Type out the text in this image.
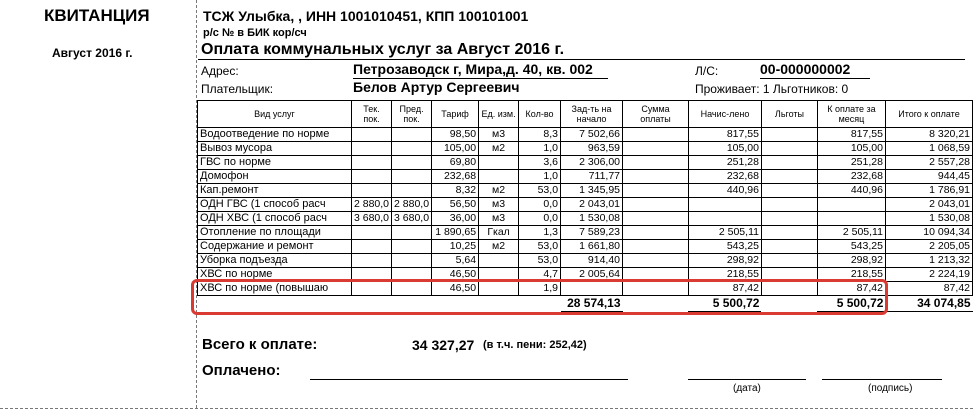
КВИТАНЦИЯ
Август 2016 г.
ТСЖ Улыбка, , ИНН 1001010451, КПП 100101001
р/с № в БИК кор/сч
Оплата коммунальных услуг за Август 2016 г.
Адрес:	Петрозаводск г, Мира,д. 40, кв. 002	Л/С:	00-000000002
Плательщик:	Белов Артур Сергеевич	Проживает: 1 Льготников: 0
Вид услуг	Тек. пок.	Пред. пок.	Тариф	Ед. изм.	Кол-во	Зад-ть на начало	Сумма оплаты	Начис-лено	Льготы	К оплате за месяц	Итого к оплате
Водоотведение по норме			98,50	м3	8,3	7 502,66		817,55		817,55	8 320,21
Вывоз мусора			105,00	м2	1,0	963,59		105,00		105,00	1 068,59
ГВС по норме			69,80		3,6	2 306,00		251,28		251,28	2 557,28
Домофон			232,68		1,0	711,77		232,68		232,68	944,45
Кап.ремонт			8,32	м2	53,0	1 345,95		440,96		440,96	1 786,91
ОДН ГВС (1 способ расч	2 880,0	2 880,0	56,50	м3	0,0	2 043,01					2 043,01
ОДН ХВС (1 способ расч	3 680,0	3 680,0	36,00	м3	0,0	1 530,08					1 530,08
Отопление по площади			1 890,65	Гкал	1,3	7 589,23		2 505,11		2 505,11	10 094,34
Содержание и ремонт			10,25	м2	53,0	1 661,80		543,25		543,25	2 205,05
Уборка подъезда			5,64		53,0	914,40		298,92		298,92	1 213,32
ХВС по норме			46,50		4,7	2 005,64		218,55		218,55	2 224,19
ХВС по норме (повышаю			46,50		1,9			87,42		87,42	87,42
						28 574,13		5 500,72		5 500,72	34 074,85
Всего к оплате:	34 327,27 (в т.ч. пени: 252,42)
Оплачено:
(дата)	(подпись)
